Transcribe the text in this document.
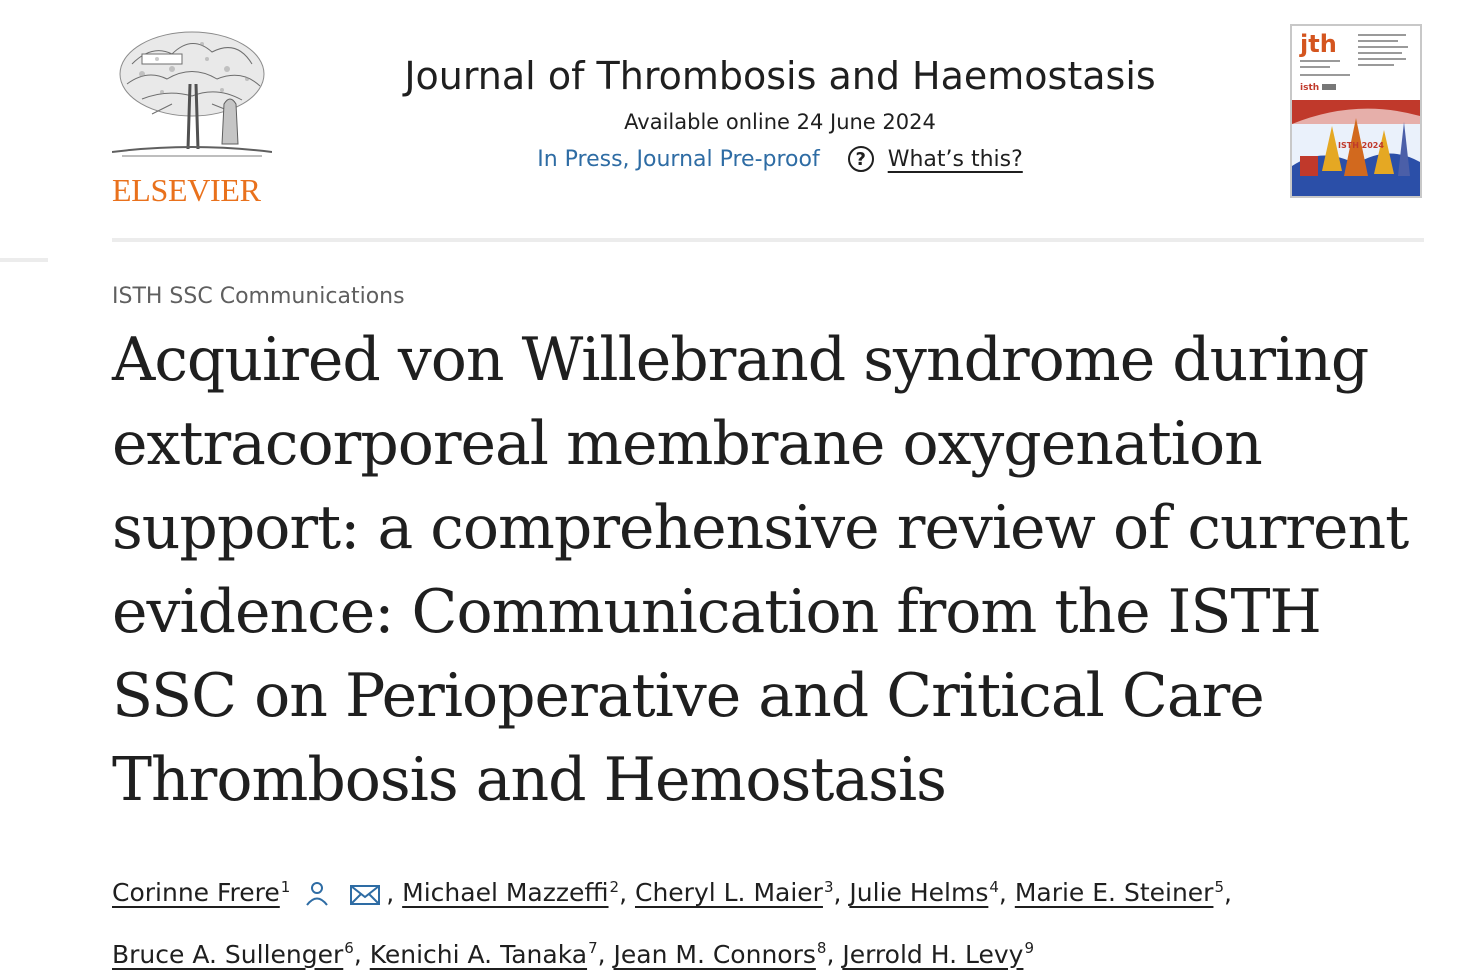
ELSEVIER
Journal of Thrombosis and Haemostasis
Available online 24 June 2024
In Press, Journal Pre-proof	? What’s this?
jth
isth
ISTH 2024
ISTH SSC Communications
Acquired von Willebrand syndrome during extracorporeal membrane oxygenation support: a comprehensive review of current evidence: Communication from the ISTH SSC on Perioperative and Critical Care Thrombosis and Hemostasis
Corinne Frere$^1$	, Michael Mazzeffi$^2$, Cheryl L. Maier$^3$, Julie Helms$^4$, Marie E. Steiner$^5$,
Bruce A. Sullenger$^6$, Kenichi A. Tanaka$^7$, Jean M. Connors$^8$, Jerrold H. Levy$^9$
